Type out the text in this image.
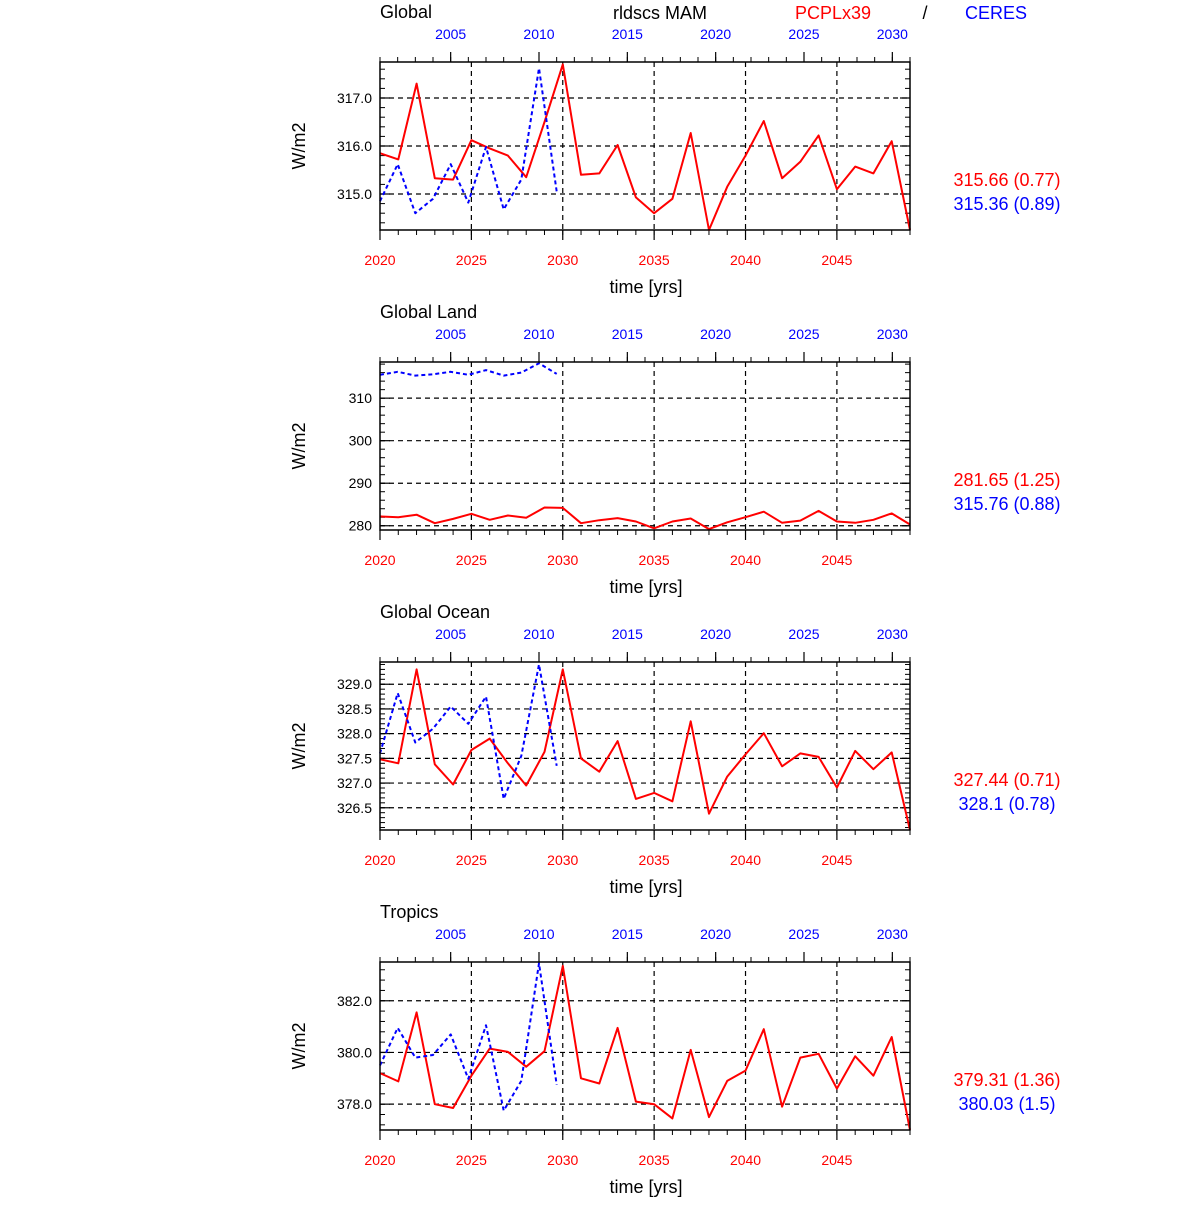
rldscs MAM	PCPLx39	/ CERES
Global
W/m2
315.0
316.0
317.0
2020	2025	2030	2035	2040	2045
2005	2010	2015	2020	2025	2030
time [yrs]
315.66 (0.77)
315.36 (0.89)
Global Land
W/m2
280
290
300
310
2020	2025	2030	2035	2040	2045
2005	2010	2015	2020	2025	2030
time [yrs]
281.65 (1.25)
315.76 (0.88)
Global Ocean
W/m2
326.5
327.0
327.5
328.0
328.5
329.0
2020	2025	2030	2035	2040	2045
2005	2010	2015	2020	2025	2030
time [yrs]
327.44 (0.71)
328.1 (0.78)
Tropics
W/m2
378.0
380.0
382.0
2020	2025	2030	2035	2040	2045
2005	2010	2015	2020	2025	2030
time [yrs]
379.31 (1.36)
380.03 (1.5)
